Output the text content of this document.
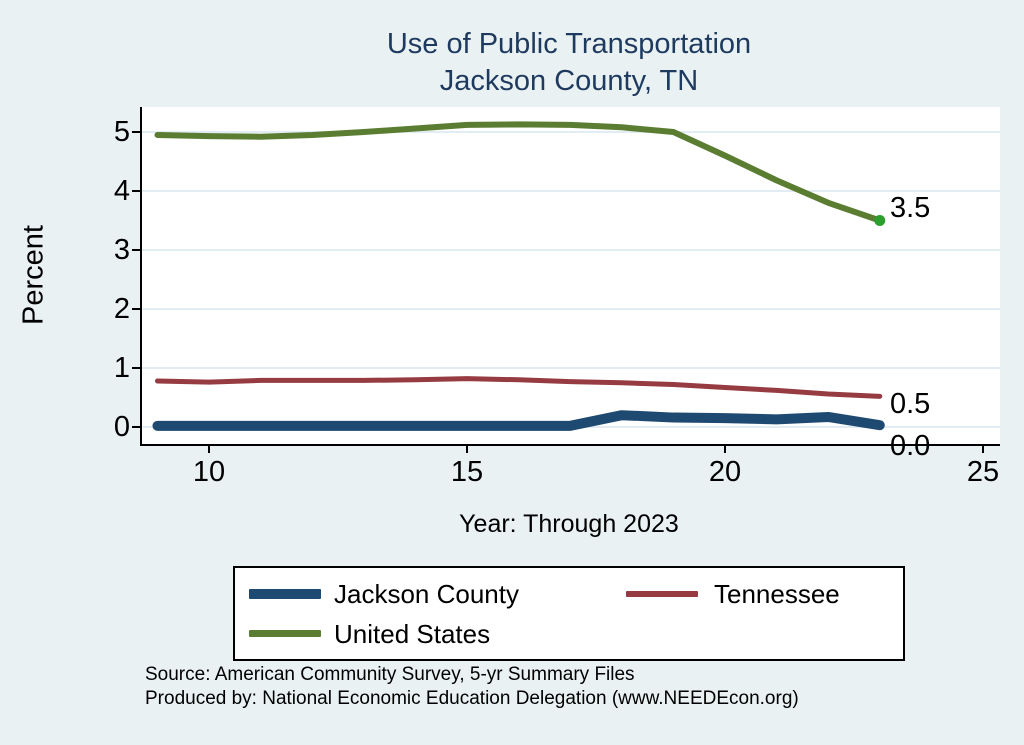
Use of Public Transportation
Jackson County, TN
Percent
0
1
2
3
4
5
10	15	20	25
3.5
0.5
0.0
Year: Through 2023
Jackson County	Tennessee
United States
Source: American Community Survey, 5-yr Summary Files
Produced by: National Economic Education Delegation (www.NEEDEcon.org)
